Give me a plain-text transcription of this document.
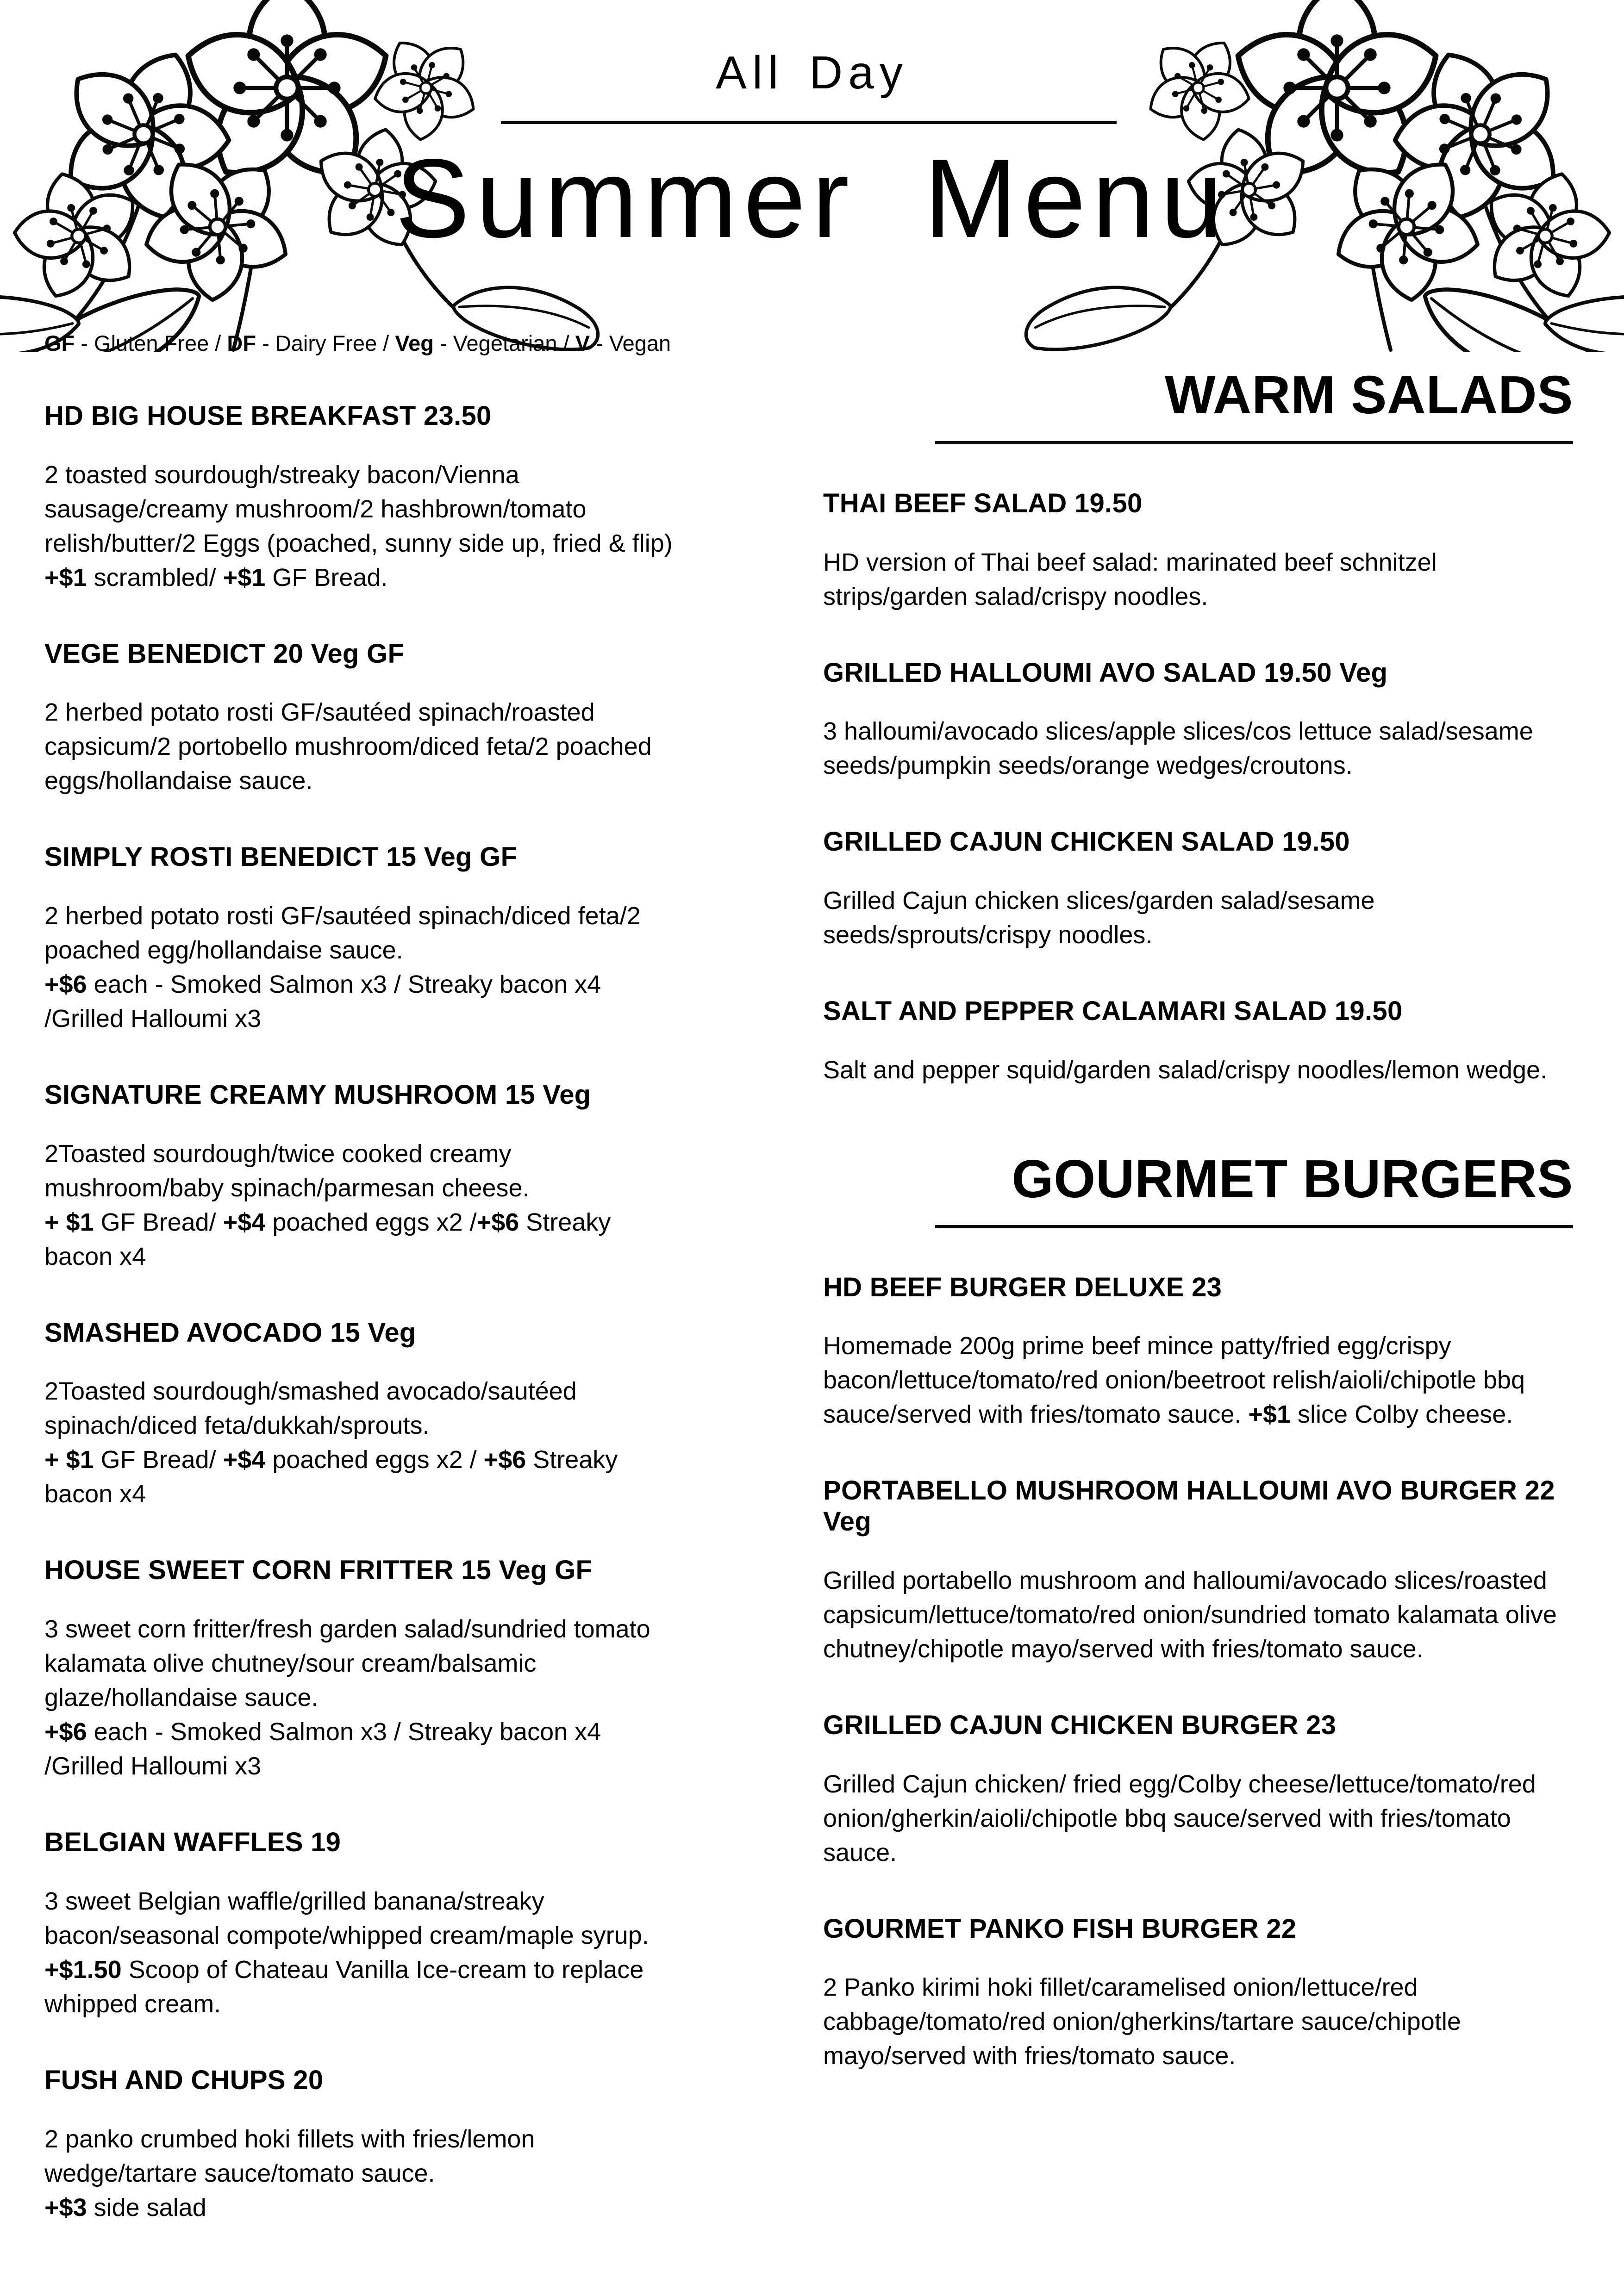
All Day
Summer Menu
GF - Gluten Free / DF - Dairy Free / Veg - Vegetarian / V - Vegan
HD BIG HOUSE BREAKFAST 23.50

2 toasted sourdough/streaky bacon/Vienna sausage/creamy mushroom/2 hashbrown/tomato relish/butter/2 Eggs (poached, sunny side up, fried & flip)
+$1 scrambled/ +$1 GF Bread.

VEGE BENEDICT 20 Veg GF

2 herbed potato rosti GF/sautéed spinach/roasted capsicum/2 portobello mushroom/diced feta/2 poached eggs/hollandaise sauce.

SIMPLY ROSTI BENEDICT 15 Veg GF

2 herbed potato rosti GF/sautéed spinach/diced feta/2 poached egg/hollandaise sauce.
+$6 each - Smoked Salmon x3 / Streaky bacon x4 /Grilled Halloumi x3

SIGNATURE CREAMY MUSHROOM 15 Veg

2Toasted sourdough/twice cooked creamy mushroom/baby spinach/parmesan cheese.
+ $1 GF Bread/ +$4 poached eggs x2 /+$6 Streaky bacon x4

SMASHED AVOCADO 15 Veg

2Toasted sourdough/smashed avocado/sautéed spinach/diced feta/dukkah/sprouts.
+ $1 GF Bread/ +$4 poached eggs x2 / +$6 Streaky bacon x4

HOUSE SWEET CORN FRITTER 15 Veg GF

3 sweet corn fritter/fresh garden salad/sundried tomato kalamata olive chutney/sour cream/balsamic glaze/hollandaise sauce.
+$6 each - Smoked Salmon x3 / Streaky bacon x4 /Grilled Halloumi x3

BELGIAN WAFFLES 19

3 sweet Belgian waffle/grilled banana/streaky bacon/seasonal compote/whipped cream/maple syrup.
+$1.50 Scoop of Chateau Vanilla Ice-cream to replace whipped cream.

FUSH AND CHUPS 20

2 panko crumbed hoki fillets with fries/lemon wedge/tartare sauce/tomato sauce.
+$3 side salad

WARM SALADS
THAI BEEF SALAD 19.50

HD version of Thai beef salad: marinated beef schnitzel strips/garden salad/crispy noodles.

GRILLED HALLOUMI AVO SALAD 19.50 Veg

3 halloumi/avocado slices/apple slices/cos lettuce salad/sesame seeds/pumpkin seeds/orange wedges/croutons.

GRILLED CAJUN CHICKEN SALAD 19.50

Grilled Cajun chicken slices/garden salad/sesame seeds/sprouts/crispy noodles.

SALT AND PEPPER CALAMARI SALAD 19.50

Salt and pepper squid/garden salad/crispy noodles/lemon wedge.

GOURMET BURGERS
HD BEEF BURGER DELUXE 23

Homemade 200g prime beef mince patty/fried egg/crispy bacon/lettuce/tomato/red onion/beetroot relish/aioli/chipotle bbq sauce/served with fries/tomato sauce. +$1 slice Colby cheese.

PORTABELLO MUSHROOM HALLOUMI AVO BURGER 22 Veg

Grilled portabello mushroom and halloumi/avocado slices/roasted capsicum/lettuce/tomato/red onion/sundried tomato kalamata olive chutney/chipotle mayo/served with fries/tomato sauce.

GRILLED CAJUN CHICKEN BURGER 23

Grilled Cajun chicken/ fried egg/Colby cheese/lettuce/tomato/red onion/gherkin/aioli/chipotle bbq sauce/served with fries/tomato sauce.

GOURMET PANKO FISH BURGER 22

2 Panko kirimi hoki fillet/caramelised onion/lettuce/red cabbage/tomato/red onion/gherkins/tartare sauce/chipotle mayo/served with fries/tomato sauce.
